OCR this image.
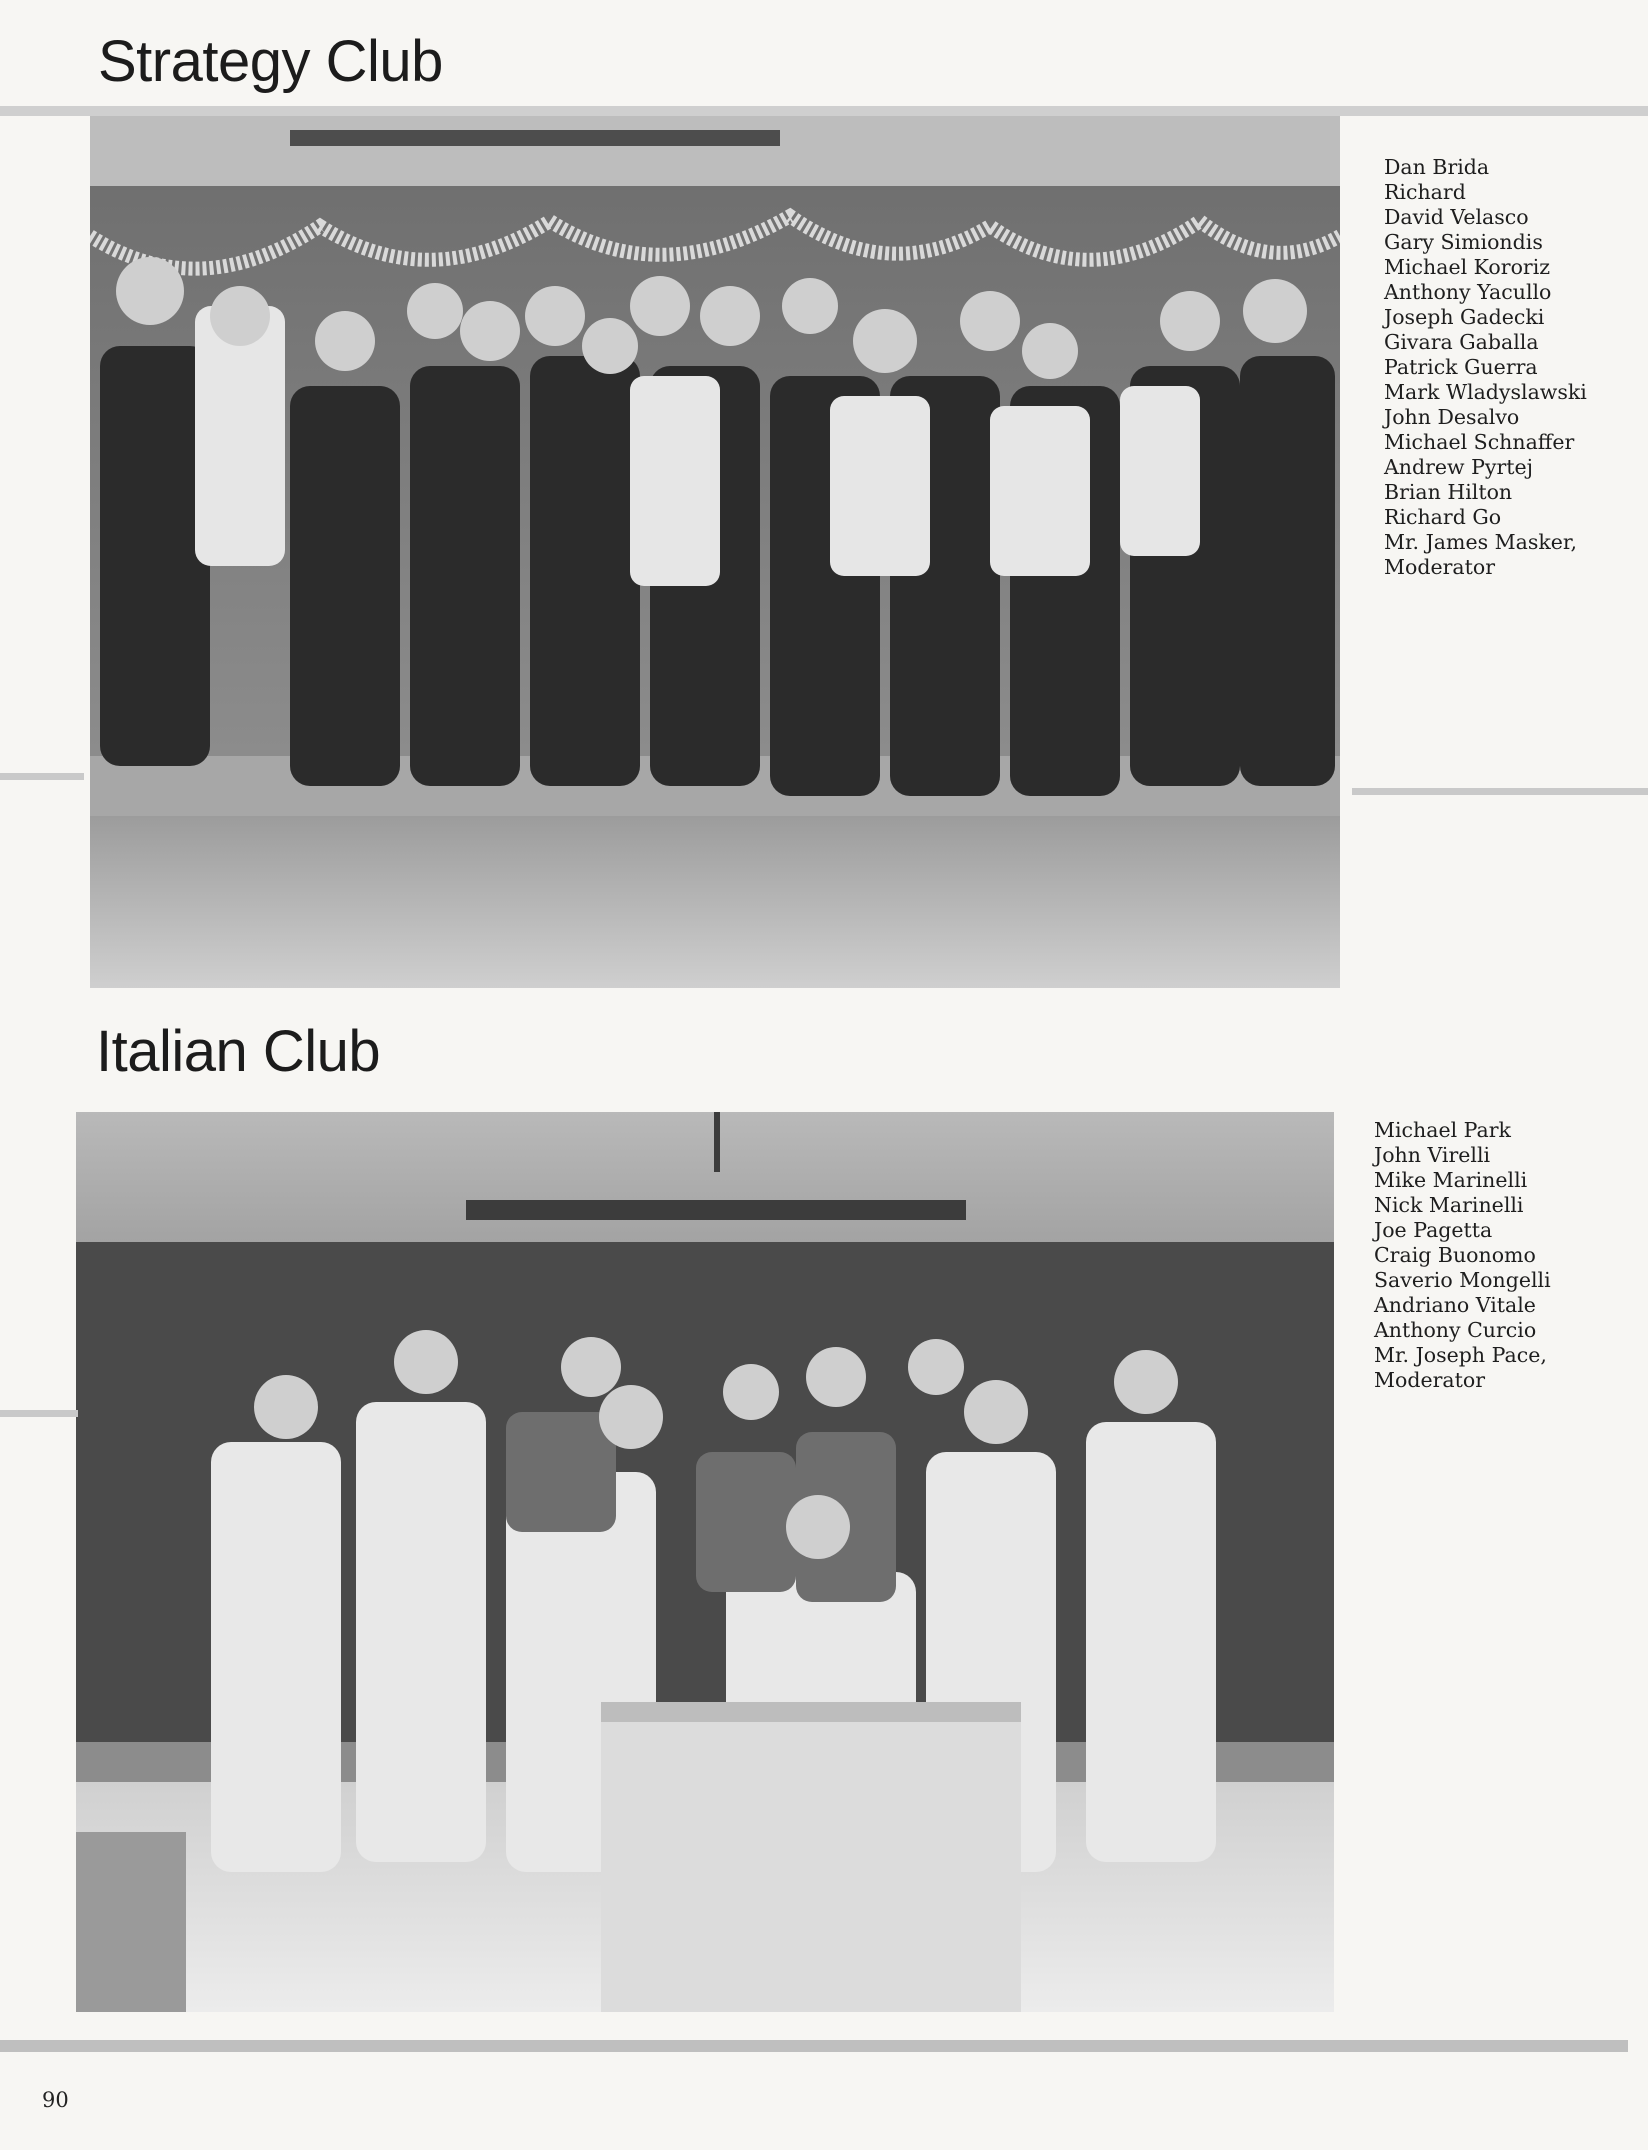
Strategy Club
Dan Brida
Richard
David Velasco
Gary Simiondis
Michael Kororiz
Anthony Yacullo
Joseph Gadecki
Givara Gaballa
Patrick Guerra
Mark Wladyslawski
John Desalvo
Michael Schnaffer
Andrew Pyrtej
Brian Hilton
Richard Go
Mr. James Masker,
Moderator
Italian Club
Michael Park
John Virelli
Mike Marinelli
Nick Marinelli
Joe Pagetta
Craig Buonomo
Saverio Mongelli
Andriano Vitale
Anthony Curcio
Mr. Joseph Pace,
Moderator
90
